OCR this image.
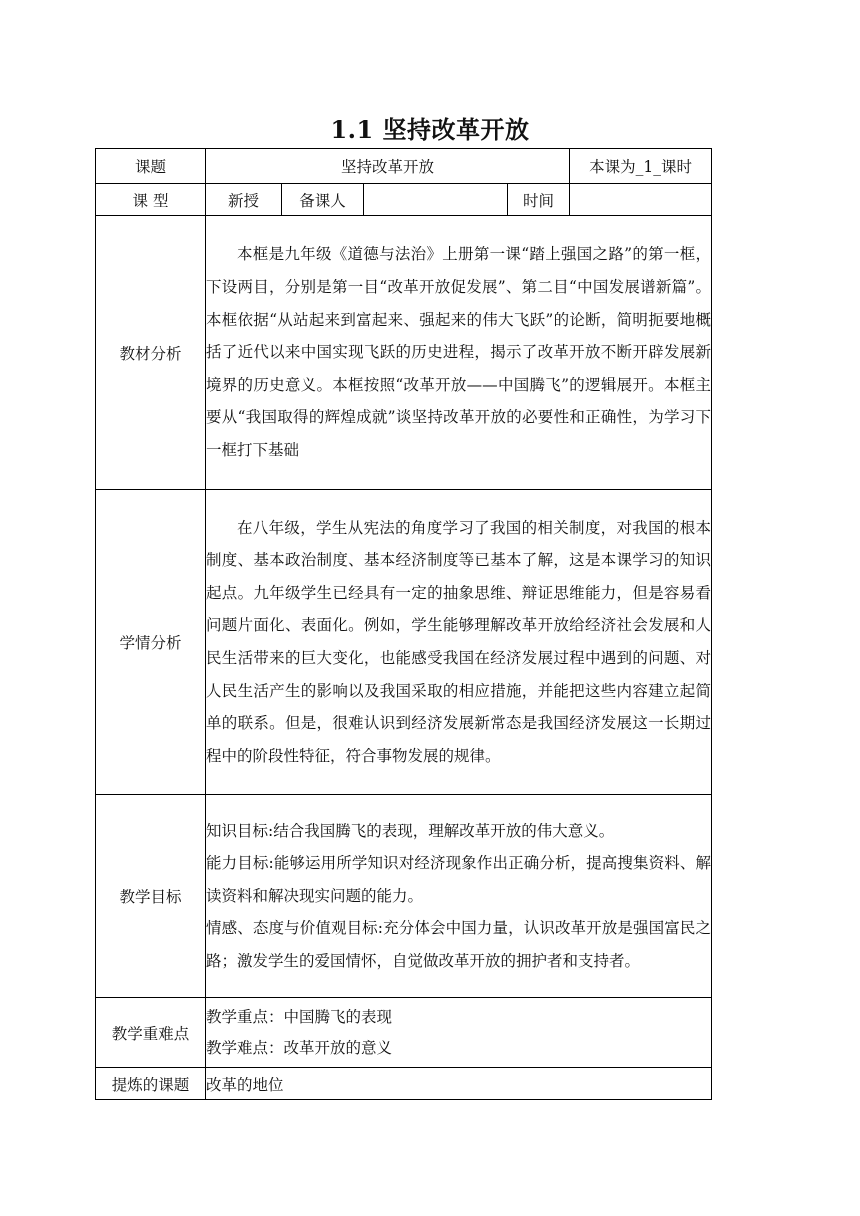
1.1 坚持改革开放
课题	坚持改革开放				本课为_1_课时
课 型	新授	备课人		时间	
教材分析	本框是九年级《道德与法治》上册第一课“踏上强国之路”的第一框，下设两目，分别是第一目“改革开放促发展”、第二目“中国发展谱新篇”。本框依据“从站起来到富起来、强起来的伟大飞跃”的论断，简明扼要地概括了近代以来中国实现飞跃的历史进程，揭示了改革开放不断开辟发展新境界的历史意义。本框按照“改革开放——中国腾飞”的逻辑展开。本框主要从“我国取得的辉煌成就”谈坚持改革开放的必要性和正确性，为学习下一框打下基础				

学情分析	在八年级，学生从宪法的角度学习了我国的相关制度，对我国的根本制度、基本政治制度、基本经济制度等已基本了解，这是本课学习的知识起点。九年级学生已经具有一定的抽象思维、辩证思维能力，但是容易看问题片面化、表面化。例如，学生能够理解改革开放给经济社会发展和人民生活带来的巨大变化，也能感受我国在经济发展过程中遇到的问题、对人民生活产生的影响以及我国采取的相应措施，并能把这些内容建立起简单的联系。但是，很难认识到经济发展新常态是我国经济发展这一长期过程中的阶段性特征，符合事物发展的规律。				

教学目标	知识目标:结合我国腾飞的表现，理解改革开放的伟大意义。

能力目标:能够运用所学知识对经济现象作出正确分析，提高搜集资料、解读资料和解决现实问题的能力。

情感、态度与价值观目标:充分体会中国力量，认识改革开放是强国富民之路；激发学生的爱国情怀，自觉做改革开放的拥护者和支持者。				

教学重难点	教学重点：中国腾飞的表现

教学难点：改革开放的意义				

提炼的课题	改革的地位				
